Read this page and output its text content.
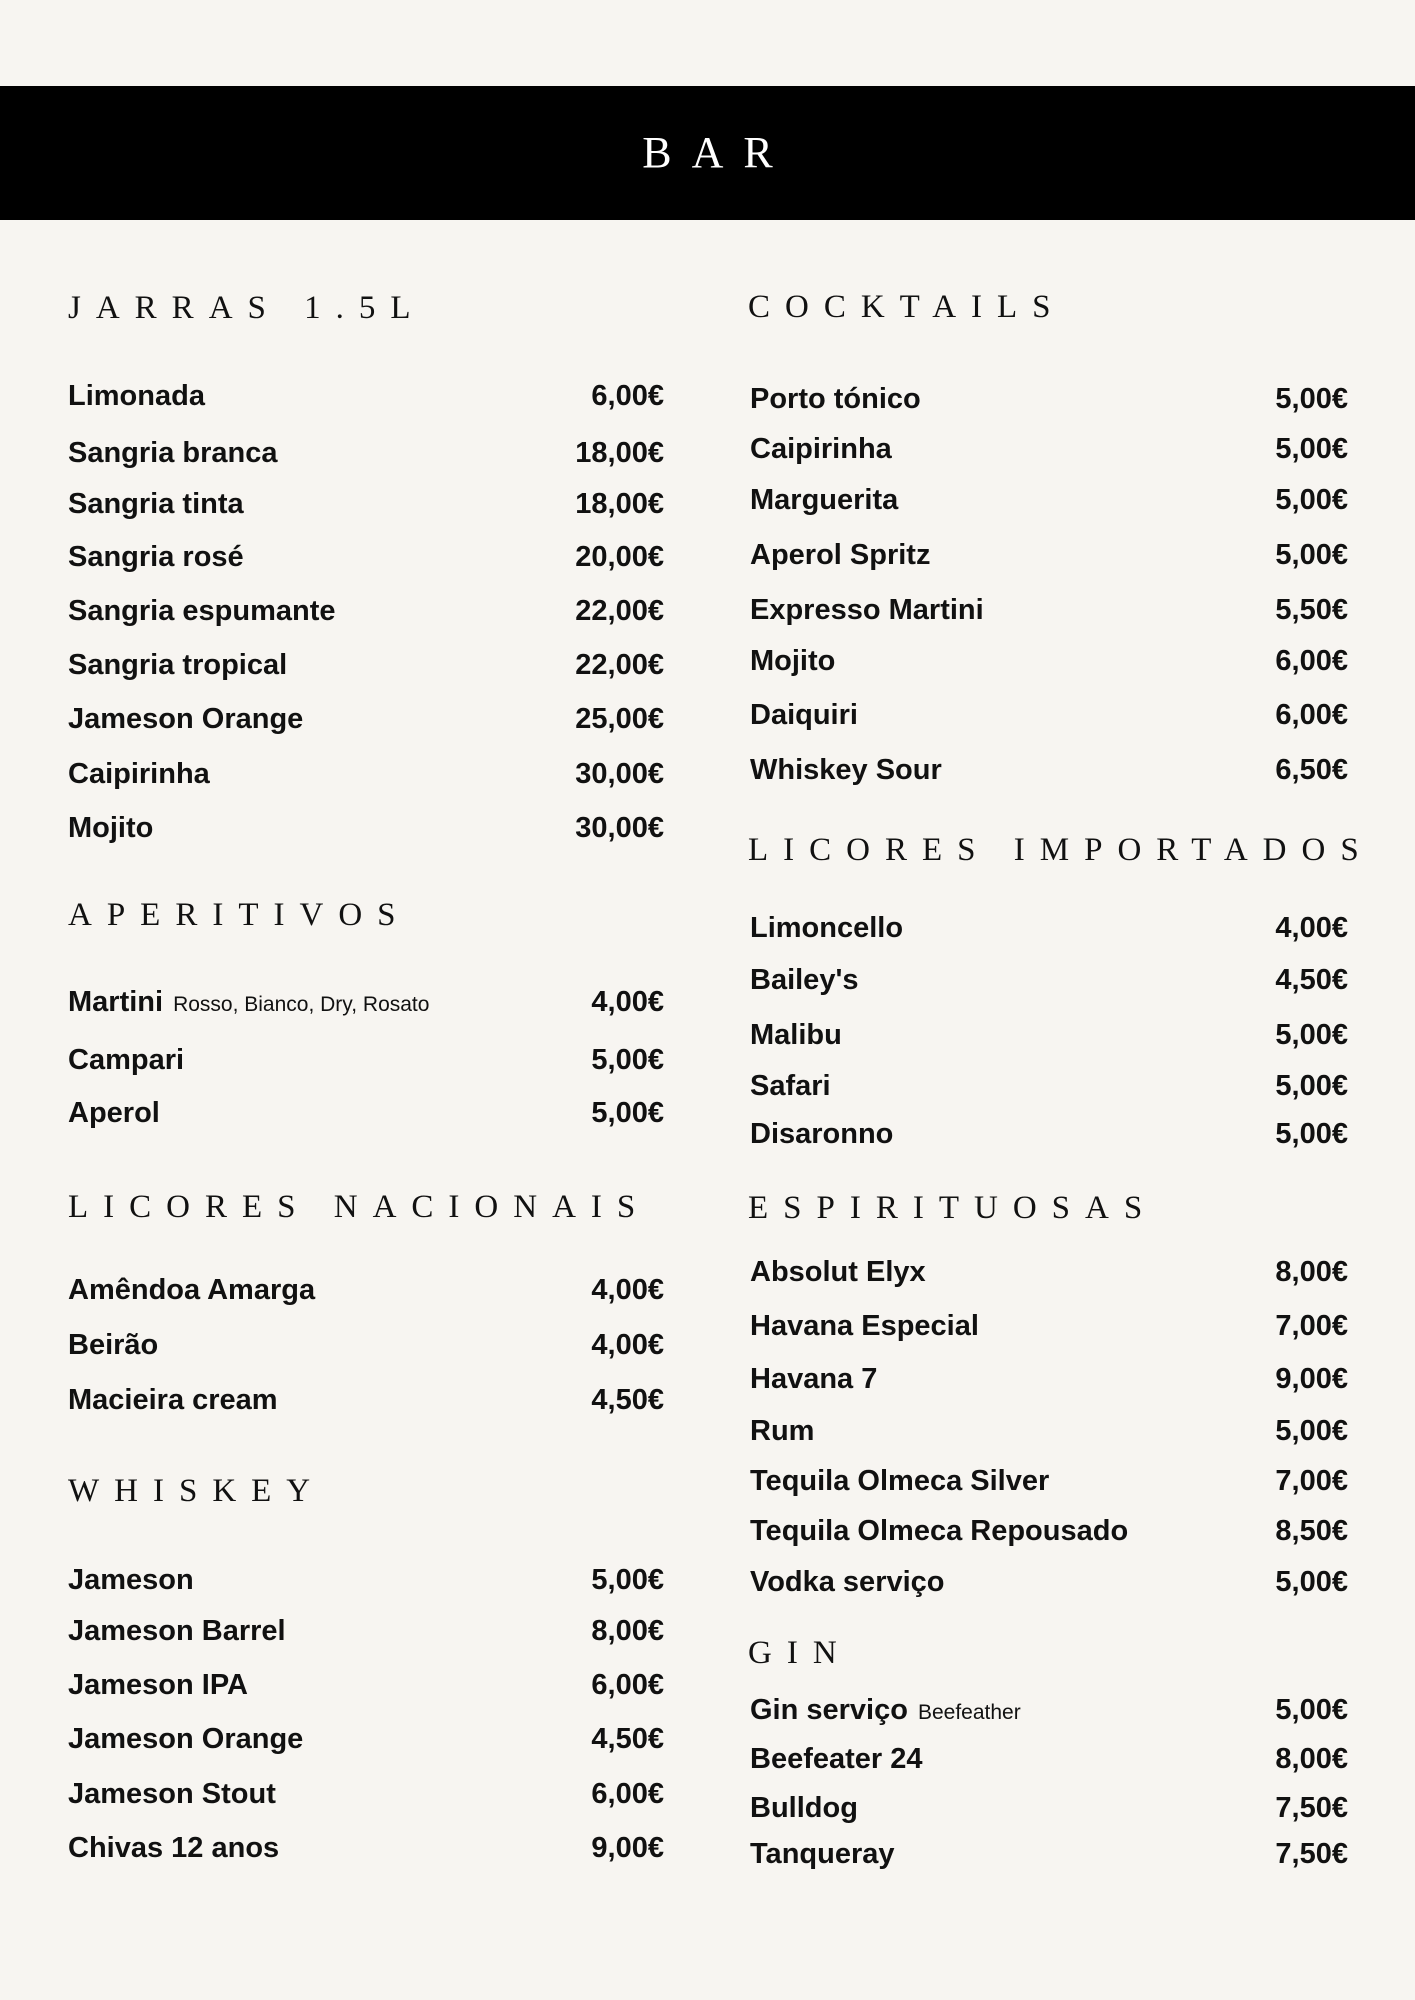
BAR
JARRAS 1.5L
Limonada	6,00€
Sangria branca	18,00€
Sangria tinta	18,00€
Sangria rosé	20,00€
Sangria espumante	22,00€
Sangria tropical	22,00€
Jameson Orange	25,00€
Caipirinha	30,00€
Mojito	30,00€
APERITIVOS
Martini Rosso, Bianco, Dry, Rosato	4,00€
Campari	5,00€
Aperol	5,00€
LICORES NACIONAIS
Amêndoa Amarga	4,00€
Beirão	4,00€
Macieira cream	4,50€
WHISKEY
Jameson	5,00€
Jameson Barrel	8,00€
Jameson IPA	6,00€
Jameson Orange	4,50€
Jameson Stout	6,00€
Chivas 12 anos	9,00€
COCKTAILS
Porto tónico	5,00€
Caipirinha	5,00€
Marguerita	5,00€
Aperol Spritz	5,00€
Expresso Martini	5,50€
Mojito	6,00€
Daiquiri	6,00€
Whiskey Sour	6,50€
LICORES IMPORTADOS
Limoncello	4,00€
Bailey's	4,50€
Malibu	5,00€
Safari	5,00€
Disaronno	5,00€
ESPIRITUOSAS
Absolut Elyx	8,00€
Havana Especial	7,00€
Havana 7	9,00€
Rum	5,00€
Tequila Olmeca Silver	7,00€
Tequila Olmeca Repousado	8,50€
Vodka serviço	5,00€
GIN
Gin serviço Beefeather	5,00€
Beefeater 24	8,00€
Bulldog	7,50€
Tanqueray	7,50€
